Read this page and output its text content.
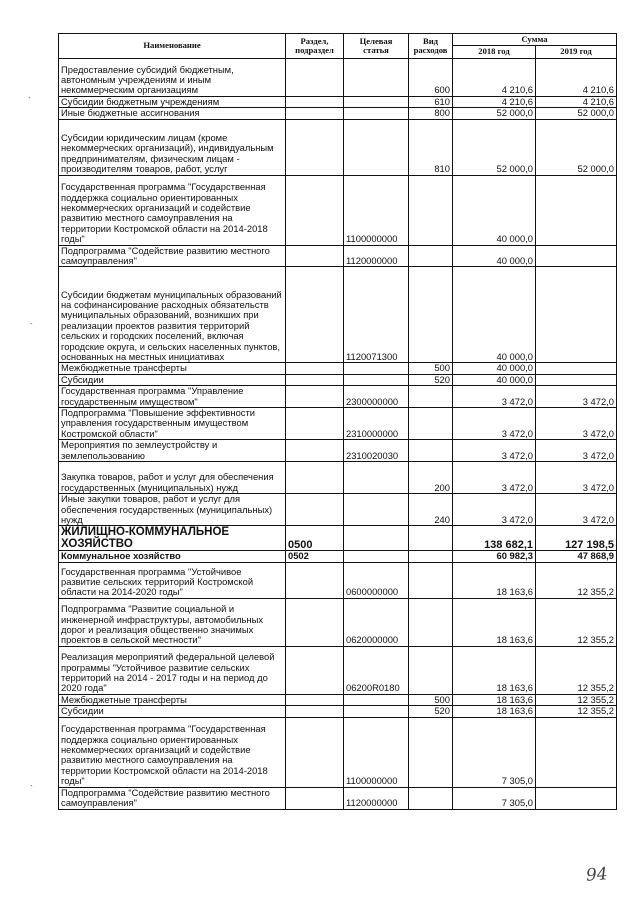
Наименование	Раздел, подраздел	Целевая статья	Вид расходов	Сумма	
				2018 год	2019 год
Предоставление субсидий бюджетным, автономным учреждениям и иным некоммерческим организациям			600	4 210,6	4 210,6
Субсидии бюджетным учреждениям			610	4 210,6	4 210,6
Иные бюджетные ассигнования			800	52 000,0	52 000,0
Субсидии юридическим лицам (кроме некоммерческих организаций), индивидуальным предпринимателям, физическим лицам - производителям товаров, работ, услуг			810	52 000,0	52 000,0
Государственная программа "Государственная поддержка социально ориентированных некоммерческих организаций и содействие развитию местного самоуправления на территории Костромской области на 2014-2018 годы"		1100000000		40 000,0	
Подпрограмма "Содействие развитию местного самоуправления"		1120000000		40 000,0	
Субсидии бюджетам муниципальных образований на софинансирование расходных обязательств муниципальных образований, возникших при реализации проектов развития территорий сельских и городских поселений, включая городские округа, и сельских населенных пунктов, основанных на местных инициативах		1120071300		40 000,0	
Межбюджетные трансферты			500	40 000,0	
Субсидии			520	40 000,0	
Государственная программа "Управление государственным имуществом"		2300000000		3 472,0	3 472,0
Подпрограмма "Повышение эффективности управления государственным имуществом Костромской области"		2310000000		3 472,0	3 472,0
Мероприятия по землеустройству и землепользованию		2310020030		3 472,0	3 472,0
Закупка товаров, работ и услуг для обеспечения государственных (муниципальных) нужд			200	3 472,0	3 472,0
Иные закупки товаров, работ и услуг для обеспечения государственных (муниципальных) нужд			240	3 472,0	3 472,0
ЖИЛИЩНО-КОММУНАЛЬНОЕ ХОЗЯЙСТВО	0500			138 682,1	127 198,5
Коммунальное хозяйство	0502			60 982,3	47 868,9
Государственная программа "Устойчивое развитие сельских территорий Костромской области на 2014-2020 годы"		0600000000		18 163,6	12 355,2
Подпрограмма "Развитие социальной и инженерной инфраструктуры, автомобильных дорог и реализация общественно значимых проектов в сельской местности"		0620000000		18 163,6	12 355,2
Реализация мероприятий федеральной целевой программы "Устойчивое развитие сельских территорий на 2014 - 2017 годы и на период до 2020 года"		06200R0180		18 163,6	12 355,2
Межбюджетные трансферты			500	18 163,6	12 355,2
Субсидии			520	18 163,6	12 355,2
Государственная программа "Государственная поддержка социально ориентированных некоммерческих организаций и содействие развитию местного самоуправления на территории Костромской области на 2014-2018 годы"		1100000000		7 305,0	
Подпрограмма "Содействие развитию местного самоуправления"		1120000000		7 305,0	
`
`
`
94
